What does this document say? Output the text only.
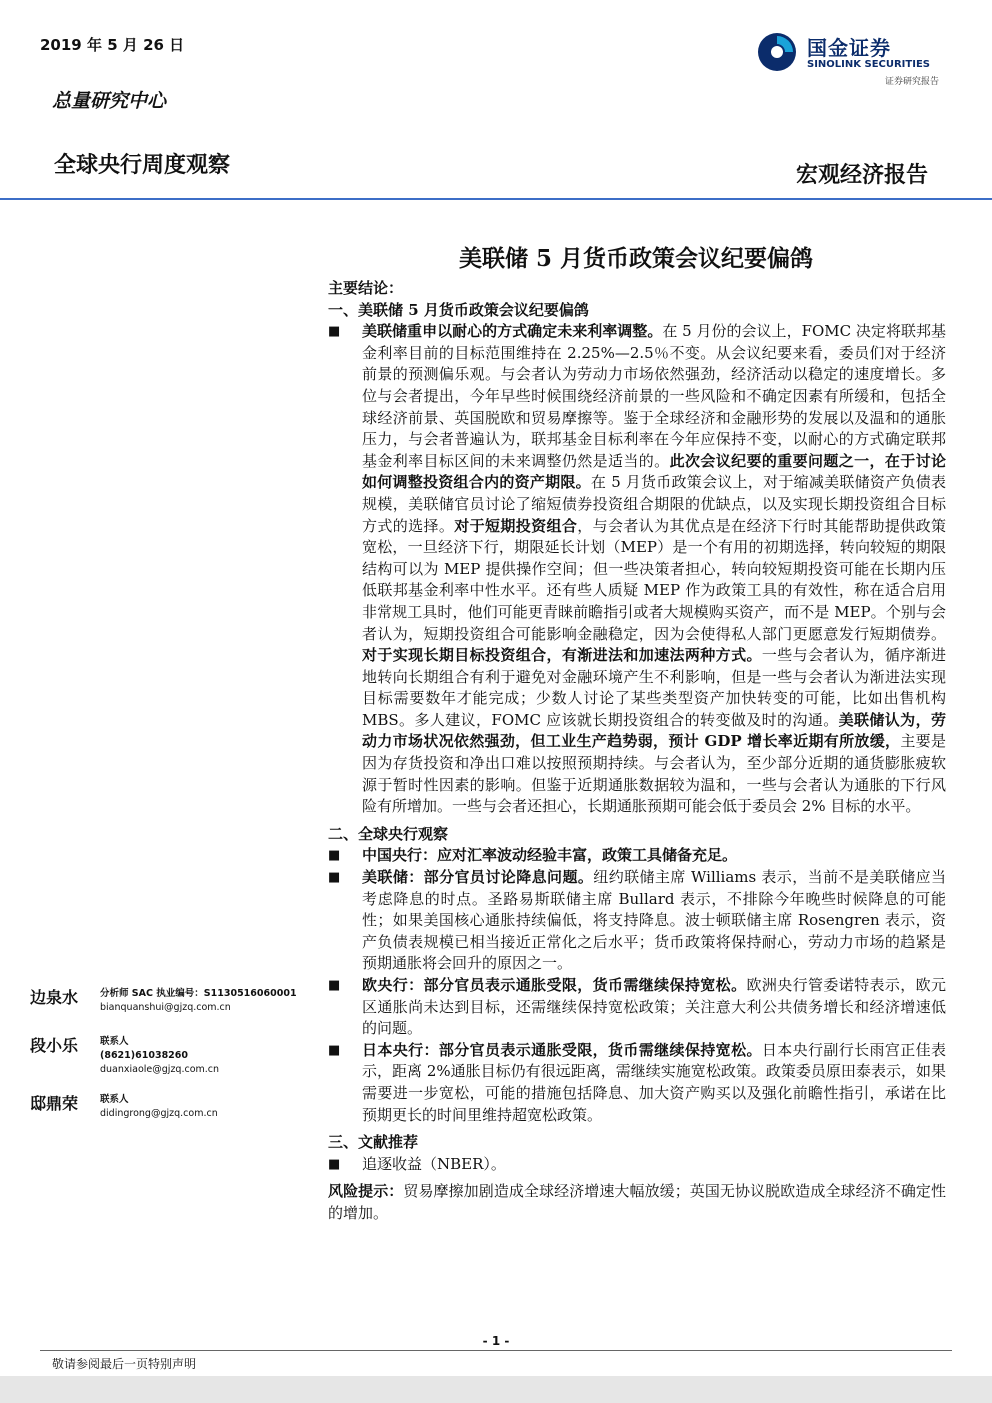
2019 年 5 月 26 日
总量研究中心
全球央行周度观察	宏观经济报告
国金证券
SINOLINK SECURITIES
证券研究报告
美联储 5 月货币政策会议纪要偏鸽

主要结论：

一、美联储 5 月货币政策会议纪要偏鸽

■ 美联储重申以耐心的方式确定未来利率调整。在 5 月份的会议上，FOMC 决定将联邦基金利率目前的目标范围维持在 2.25%—2.5％不变。从会议纪要来看，委员们对于经济前景的预测偏乐观。与会者认为劳动力市场依然强劲，经济活动以稳定的速度增长。多位与会者提出，今年早些时候围绕经济前景的一些风险和不确定因素有所缓和，包括全球经济前景、英国脱欧和贸易摩擦等。鉴于全球经济和金融形势的发展以及温和的通胀压力，与会者普遍认为，联邦基金目标利率在今年应保持不变，以耐心的方式确定联邦基金利率目标区间的未来调整仍然是适当的。此次会议纪要的重要问题之一，在于讨论如何调整投资组合内的资产期限。在 5 月货币政策会议上，对于缩减美联储资产负债表规模，美联储官员讨论了缩短债券投资组合期限的优缺点，以及实现长期投资组合目标方式的选择。对于短期投资组合，与会者认为其优点是在经济下行时其能帮助提供政策宽松，一旦经济下行，期限延长计划（MEP）是一个有用的初期选择，转向较短的期限结构可以为 MEP 提供操作空间；但一些决策者担心，转向较短期投资可能在长期内压低联邦基金利率中性水平。还有些人质疑 MEP 作为政策工具的有效性，称在适合启用非常规工具时，他们可能更青睐前瞻指引或者大规模购买资产，而不是 MEP。个别与会者认为，短期投资组合可能影响金融稳定，因为会使得私人部门更愿意发行短期债券。对于实现长期目标投资组合，有渐进法和加速法两种方式。一些与会者认为，循序渐进地转向长期组合有利于避免对金融环境产生不利影响，但是一些与会者认为渐进法实现目标需要数年才能完成；少数人讨论了某些类型资产加快转变的可能，比如出售机构 MBS。多人建议，FOMC 应该就长期投资组合的转变做及时的沟通。美联储认为，劳动力市场状况依然强劲，但工业生产趋势弱，预计 GDP 增长率近期有所放缓，主要是因为存货投资和净出口难以按照预期持续。与会者认为，至少部分近期的通货膨胀疲软源于暂时性因素的影响。但鉴于近期通胀数据较为温和，一些与会者认为通胀的下行风险有所增加。一些与会者还担心，长期通胀预期可能会低于委员会 2% 目标的水平。

二、全球央行观察

■ 中国央行：应对汇率波动经验丰富，政策工具储备充足。
■ 美联储：部分官员讨论降息问题。纽约联储主席 Williams 表示，当前不是美联储应当考虑降息的时点。圣路易斯联储主席 Bullard 表示，不排除今年晚些时候降息的可能性；如果美国核心通胀持续偏低，将支持降息。波士顿联储主席 Rosengren 表示，资产负债表规模已相当接近正常化之后水平；货币政策将保持耐心，劳动力市场的趋紧是预期通胀将会回升的原因之一。
■ 欧央行：部分官员表示通胀受限，货币需继续保持宽松。欧洲央行管委诺特表示，欧元区通胀尚未达到目标，还需继续保持宽松政策；关注意大利公共债务增长和经济增速低的问题。
■ 日本央行：部分官员表示通胀受限，货币需继续保持宽松。日本央行副行长雨宫正佳表示，距离 2%通胀目标仍有很远距离，需继续实施宽松政策。政策委员原田泰表示，如果需要进一步宽松，可能的措施包括降息、加大资产购买以及强化前瞻性指引，承诺在比预期更长的时间里维持超宽松政策。

三、文献推荐

■ 追逐收益（NBER）。

风险提示：贸易摩擦加剧造成全球经济增速大幅放缓；英国无协议脱欧造成全球经济不确定性的增加。

边泉水 分析师 SAC 执业编号：S1130516060001
bianquanshui@gjzq.com.cn
段小乐 联系人
(8621)61038260
duanxiaole@gjzq.com.cn
邸鼎荣 联系人
didingrong@gjzq.com.cn
- 1 -
敬请参阅最后一页特别声明
